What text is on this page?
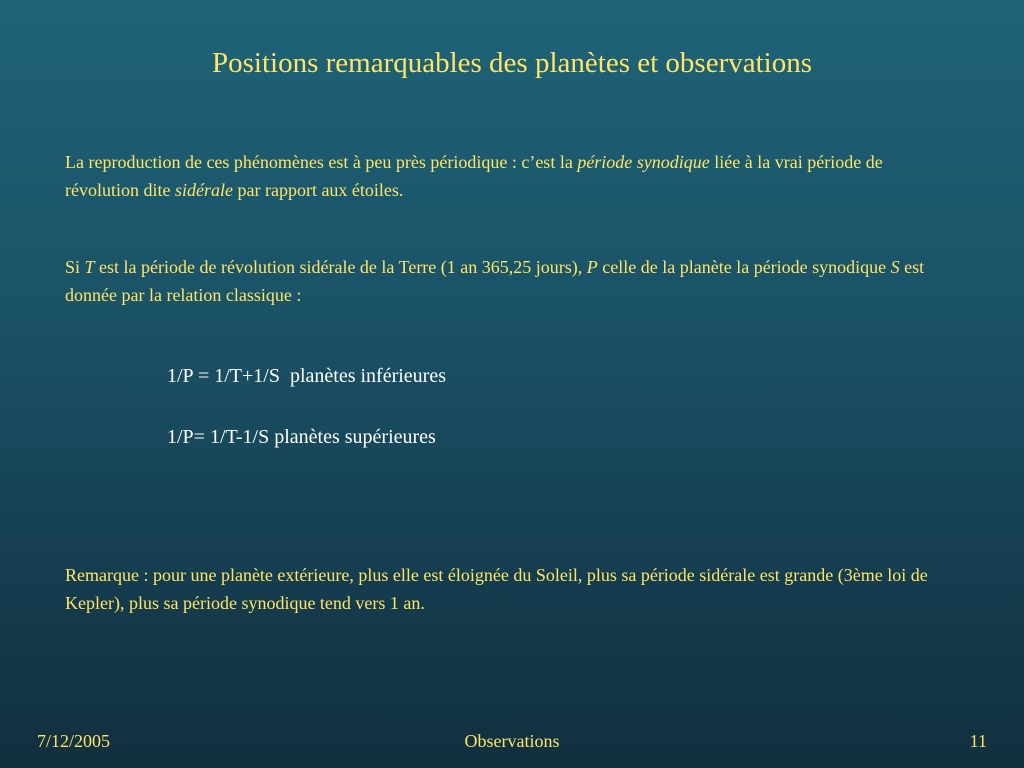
Positions remarquables des planètes et observations

La reproduction de ces phénomènes est à peu près périodique : c’est la période synodique liée à la vrai période de révolution dite sidérale par rapport aux étoiles.

Si T est la période de révolution sidérale de la Terre (1 an 365,25 jours), P celle de la planète la période synodique S est donnée par la relation classique :

1/P = 1/T+1/S  planètes inférieures

1/P= 1/T-1/S planètes supérieures

Remarque : pour une planète extérieure, plus elle est éloignée du Soleil, plus sa période sidérale est grande (3ème loi de Kepler), plus sa période synodique tend vers 1 an.

7/12/2005	Observations	11
